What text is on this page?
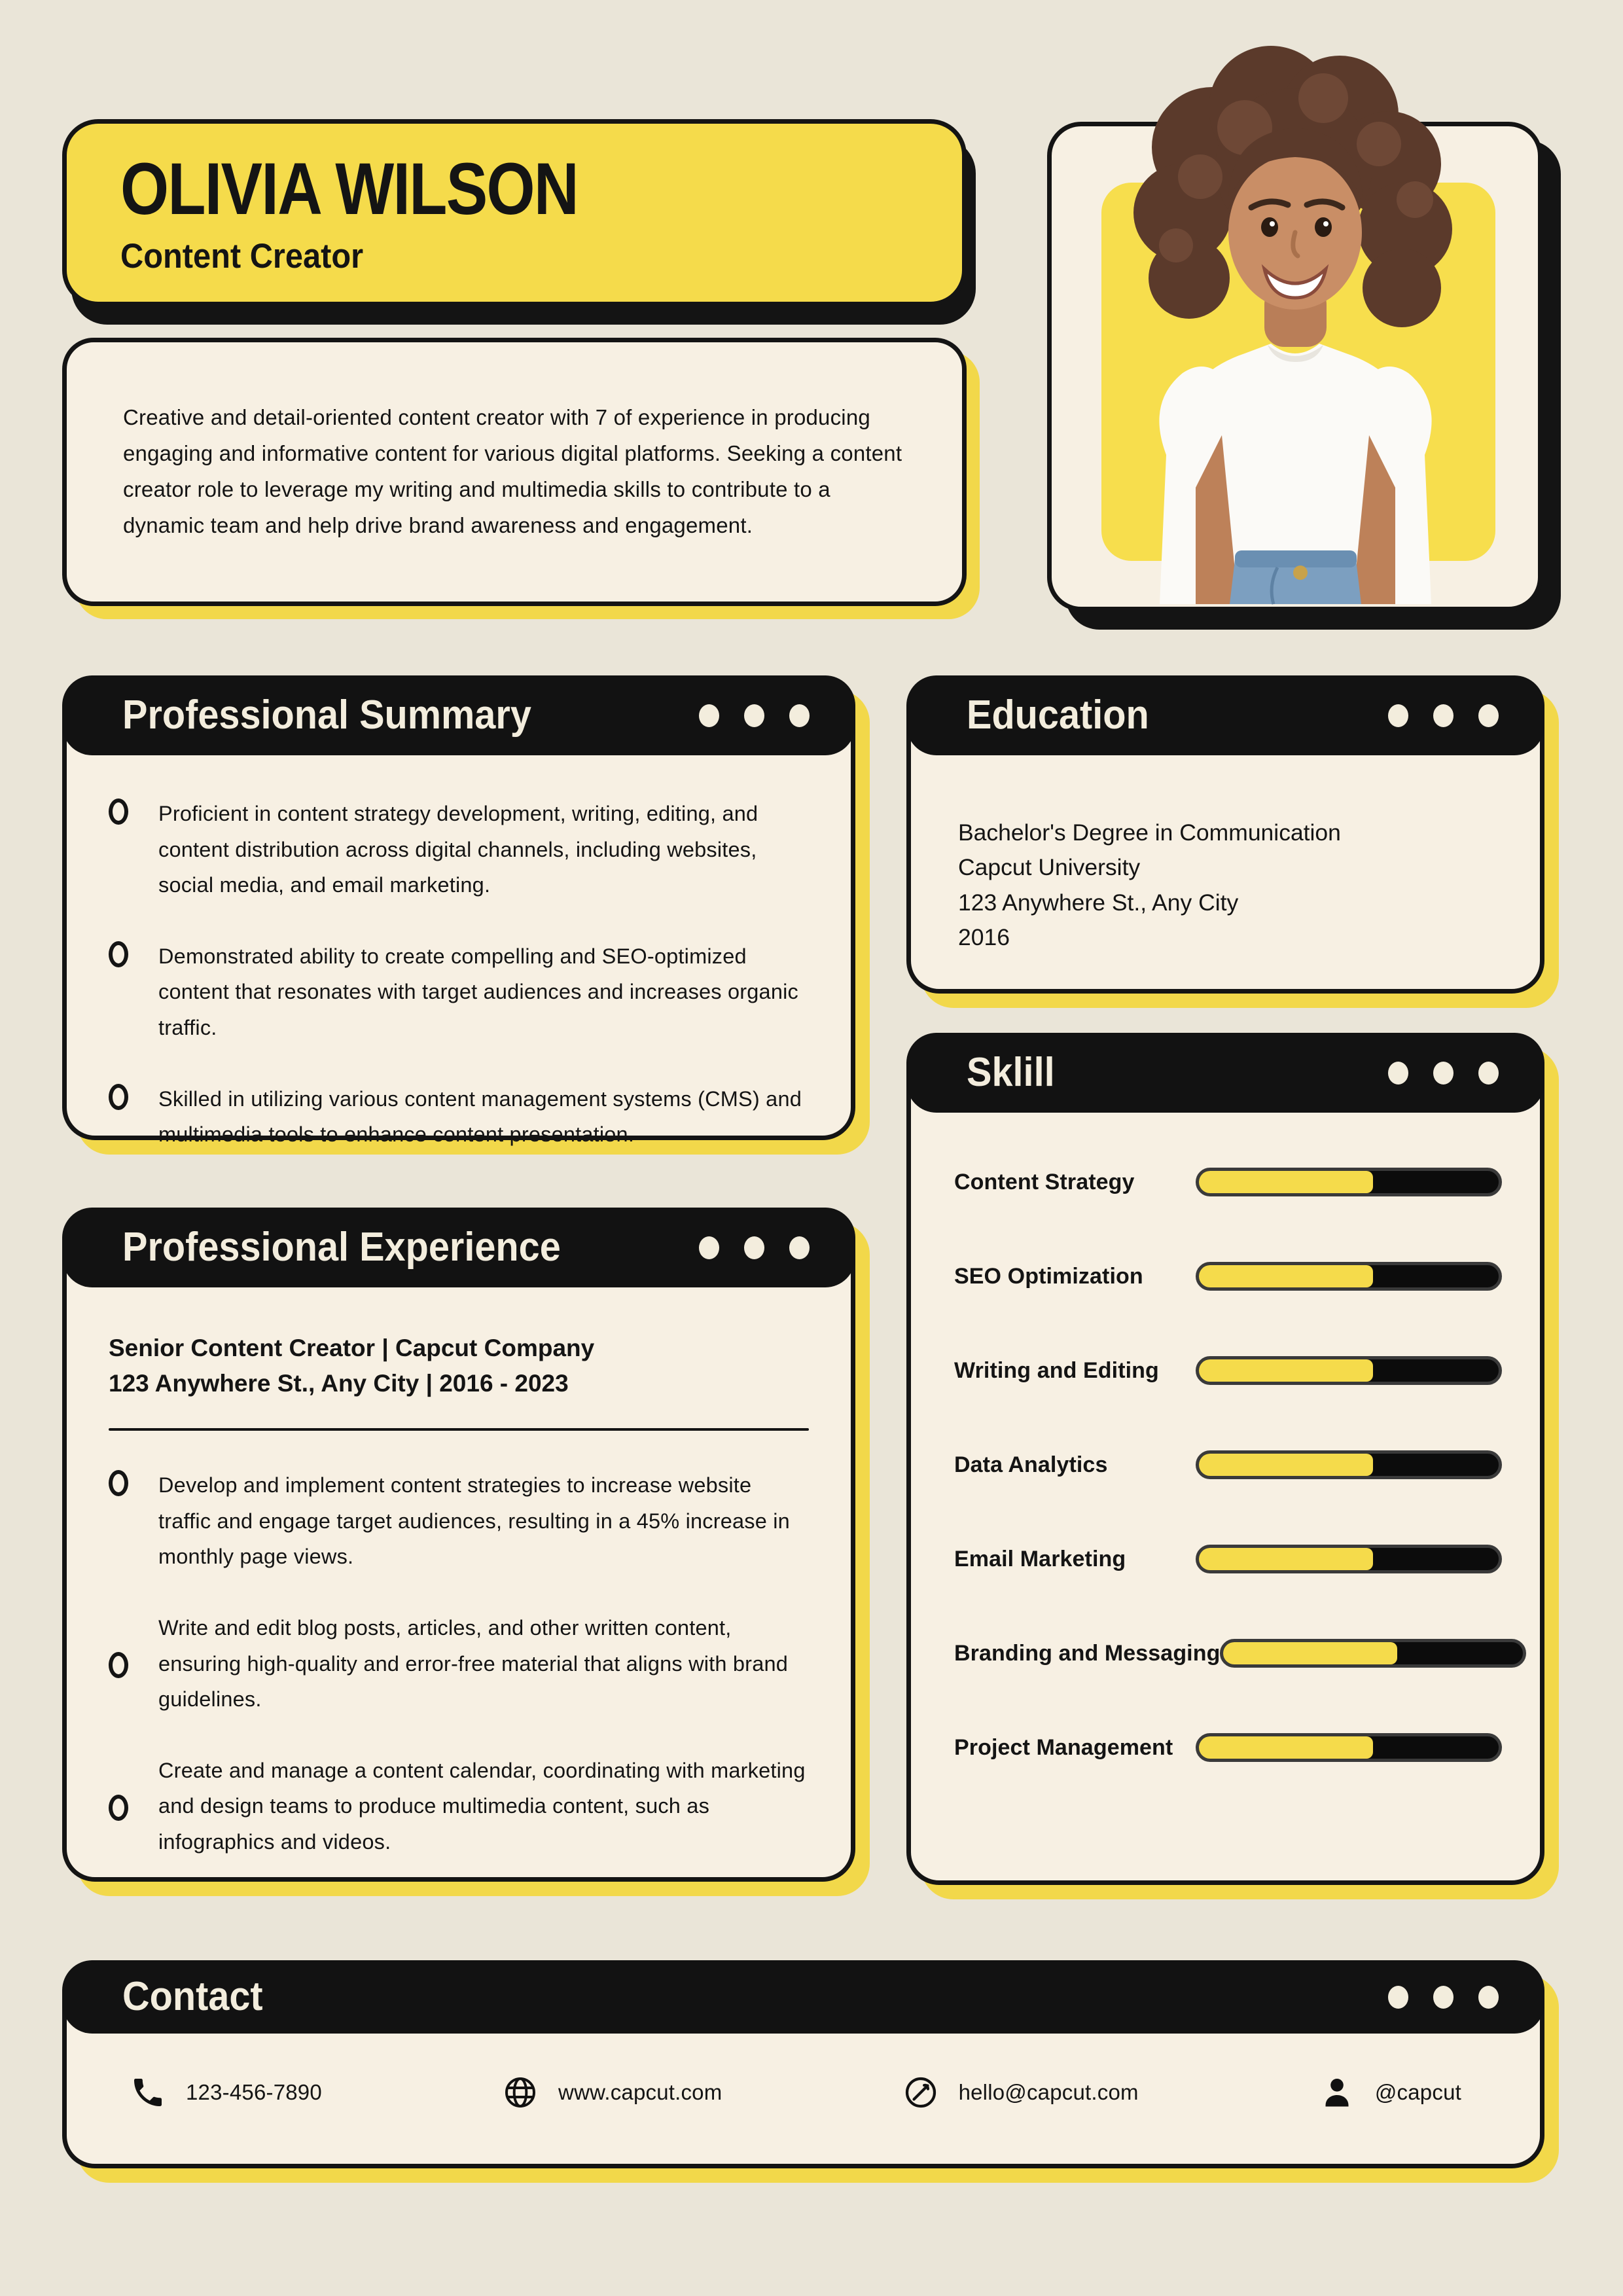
OLIVIA WILSON
Content Creator

Creative and detail-oriented content creator with 7 of experience in producing engaging and informative content for various digital platforms. Seeking a content creator role to leverage my writing and multimedia skills to contribute to a dynamic team and help drive brand awareness and engagement.

Professional Summary
Proficient in content strategy development, writing, editing, and content distribution across digital channels, including websites, social media, and email marketing.
Demonstrated ability to create compelling and SEO-optimized content that resonates with target audiences and increases organic traffic.
Skilled in utilizing various content management systems (CMS) and multimedia tools to enhance content presentation.
Education
Bachelor's Degree in Communication
Capcut University
123 Anywhere St., Any City
2016
Sklill
Content Strategy
SEO Optimization
Writing and Editing
Data Analytics
Email Marketing
Branding and Messaging
Project Management
Professional Experience
Senior Content Creator | Capcut Company
123 Anywhere St., Any City | 2016 - 2023
Develop and implement content strategies to increase website traffic and engage target audiences, resulting in a 45% increase in monthly page views.
Write and edit blog posts, articles, and other written content, ensuring high-quality and error-free material that aligns with brand guidelines.
Create and manage a content calendar, coordinating with marketing and design teams to produce multimedia content, such as infographics and videos.
Contact
123-456-7890	www.capcut.com	hello@capcut.com	@capcut
